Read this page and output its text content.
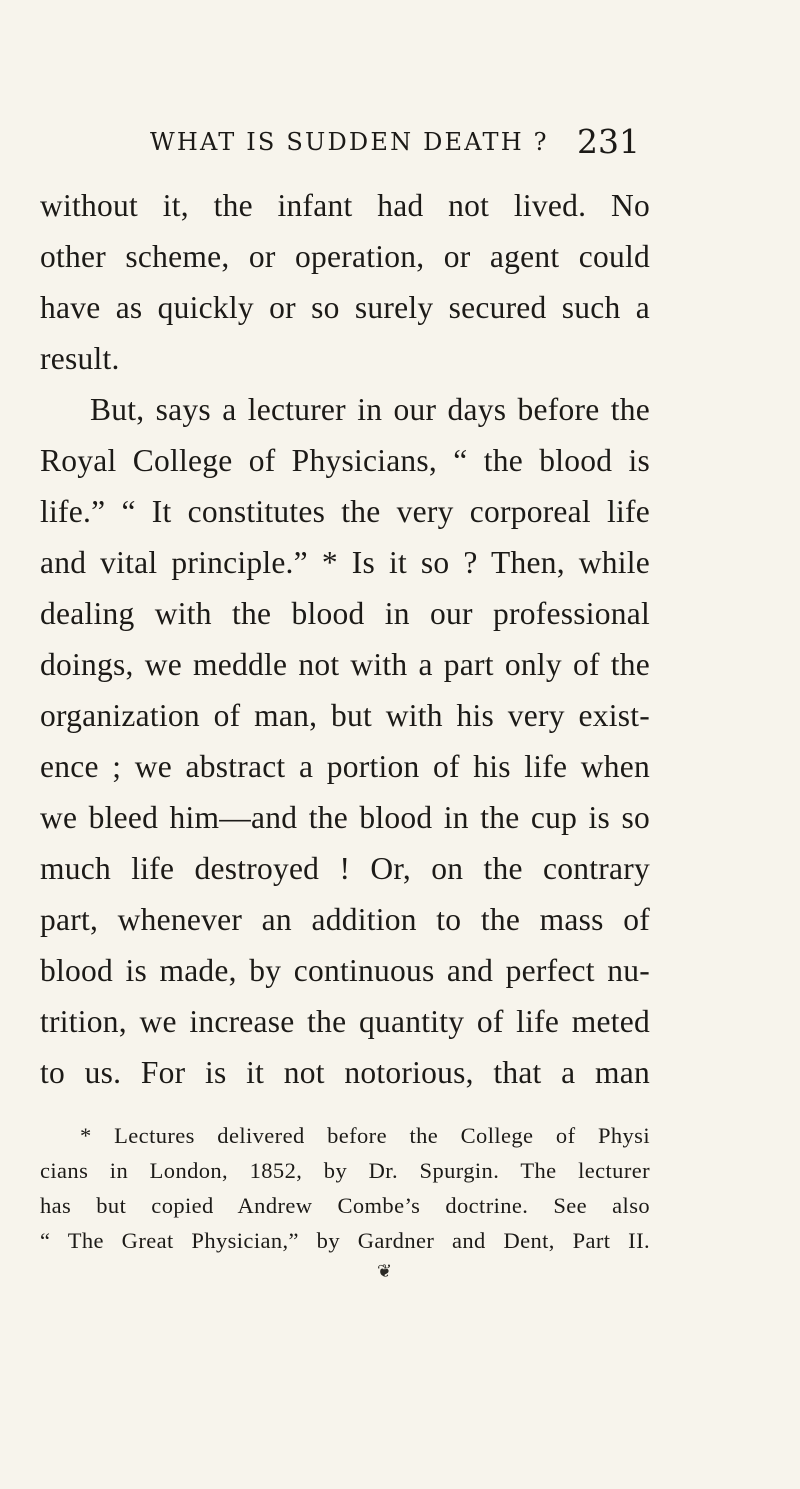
WHAT IS SUDDEN DEATH ? 231
without it, the infant had not lived. No
other scheme, or operation, or agent could
have as quickly or so surely secured such a
result.
But, says a lecturer in our days before the
Royal College of Physicians, “ the blood is
life.” “ It constitutes the very corporeal life
and vital principle.” * Is it so ? Then, while
dealing with the blood in our professional
doings, we meddle not with a part only of the
organization of man, but with his very exist-
ence ; we abstract a portion of his life when
we bleed him—and the blood in the cup is so
much life destroyed ! Or, on the contrary
part, whenever an addition to the mass of
blood is made, by continuous and perfect nu-
trition, we increase the quantity of life meted
to us. For is it not notorious, that a man
* Lectures delivered before the College of Physi
cians in London, 1852, by Dr. Spurgin. The lecturer
has but copied Andrew Combe’s doctrine. See also
“ The Great Physician,” by Gardner and Dent, Part II.
❦
